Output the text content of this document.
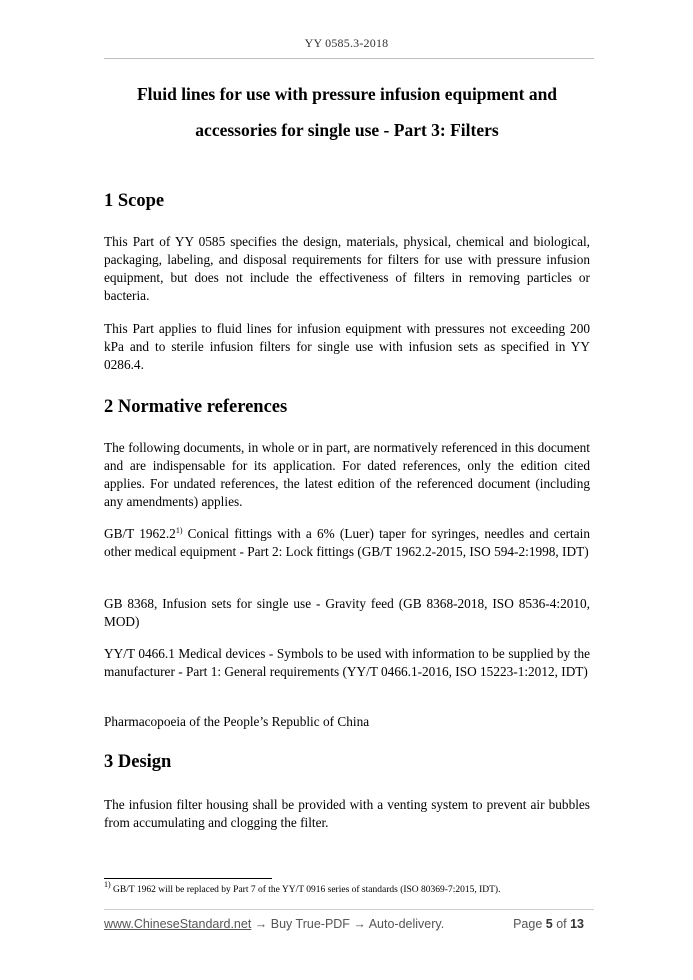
YY 0585.3-2018
Fluid lines for use with pressure infusion equipment and
accessories for single use - Part 3: Filters
1 Scope

This Part of YY 0585 specifies the design, materials, physical, chemical and biological, packaging, labeling, and disposal requirements for filters for use with pressure infusion equipment, but does not include the effectiveness of filters in removing particles or bacteria.

This Part applies to fluid lines for infusion equipment with pressures not exceeding 200 kPa and to sterile infusion filters for single use with infusion sets as specified in YY 0286.4.

2 Normative references

The following documents, in whole or in part, are normatively referenced in this document and are indispensable for its application. For dated references, only the edition cited applies. For undated references, the latest edition of the referenced document (including any amendments) applies.

GB/T 1962.2$^{1)}$ Conical fittings with a 6% (Luer) taper for syringes, needles and certain other medical equipment - Part 2: Lock fittings (GB/T 1962.2-2015, ISO 594-2:1998, IDT)

GB 8368, Infusion sets for single use - Gravity feed (GB 8368-2018, ISO 8536-4:2010, MOD)

YY/T 0466.1 Medical devices - Symbols to be used with information to be supplied by the manufacturer - Part 1: General requirements (YY/T 0466.1-2016, ISO 15223-1:2012, IDT)

Pharmacopoeia of the People’s Republic of China

3 Design

The infusion filter housing shall be provided with a venting system to prevent air bubbles from accumulating and clogging the filter.

$^{1)}$ GB/T 1962 will be replaced by Part 7 of the YY/T 0916 series of standards (ISO 80369-7:2015, IDT).
www.ChineseStandard.net → Buy True-PDF → Auto-delivery.	Page 5 of 13
